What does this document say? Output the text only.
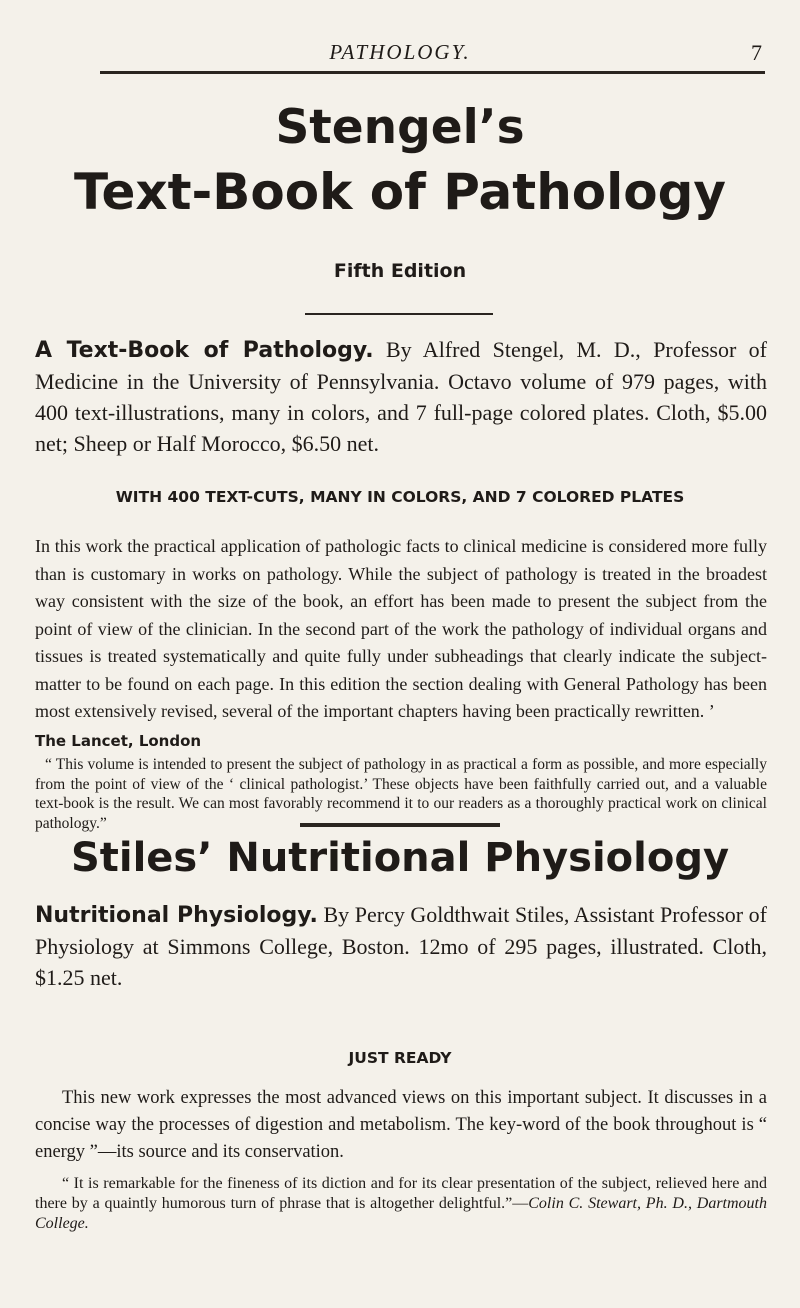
PATHOLOGY.	7
Stengel’s
Text-Book of Pathology
Fifth Edition
A Text-Book of Pathology. By Alfred Stengel, M. D., Professor of Medicine in the University of Pennsylvania. Octavo volume of 979 pages, with 400 text-illustrations, many in colors, and 7 full-page colored plates. Cloth, $5.00 net; Sheep or Half Morocco, $6.50 net.
WITH 400 TEXT-CUTS, MANY IN COLORS, AND 7 COLORED PLATES
In this work the practical application of pathologic facts to clinical medicine is considered more fully than is customary in works on pathology. While the subject of pathology is treated in the broadest way consistent with the size of the book, an effort has been made to present the subject from the point of view of the clinician. In the second part of the work the pathology of individual organs and tissues is treated systematically and quite fully under subheadings that clearly indicate the subject-matter to be found on each page. In this edition the section dealing with General Pathology has been most extensively revised, several of the important chapters having been practically rewritten. ’
The Lancet, London
“ This volume is intended to present the subject of pathology in as practical a form as possible, and more especially from the point of view of the ‘ clinical pathologist.’ These objects have been faithfully carried out, and a valuable text-book is the result. We can most favorably recommend it to our readers as a thoroughly practical work on clinical pathology.”
Stiles’ Nutritional Physiology
Nutritional Physiology. By Percy Goldthwait Stiles, Assistant Professor of Physiology at Simmons College, Boston. 12mo of 295 pages, illustrated. Cloth, $1.25 net.
JUST READY
This new work expresses the most advanced views on this important subject. It discusses in a concise way the processes of digestion and metabolism. The key-word of the book throughout is “ energy ”—its source and its conservation.
“ It is remarkable for the fineness of its diction and for its clear presentation of the subject, relieved here and there by a quaintly humorous turn of phrase that is altogether delightful.”—Colin C. Stewart, Ph. D., Dartmouth College.
